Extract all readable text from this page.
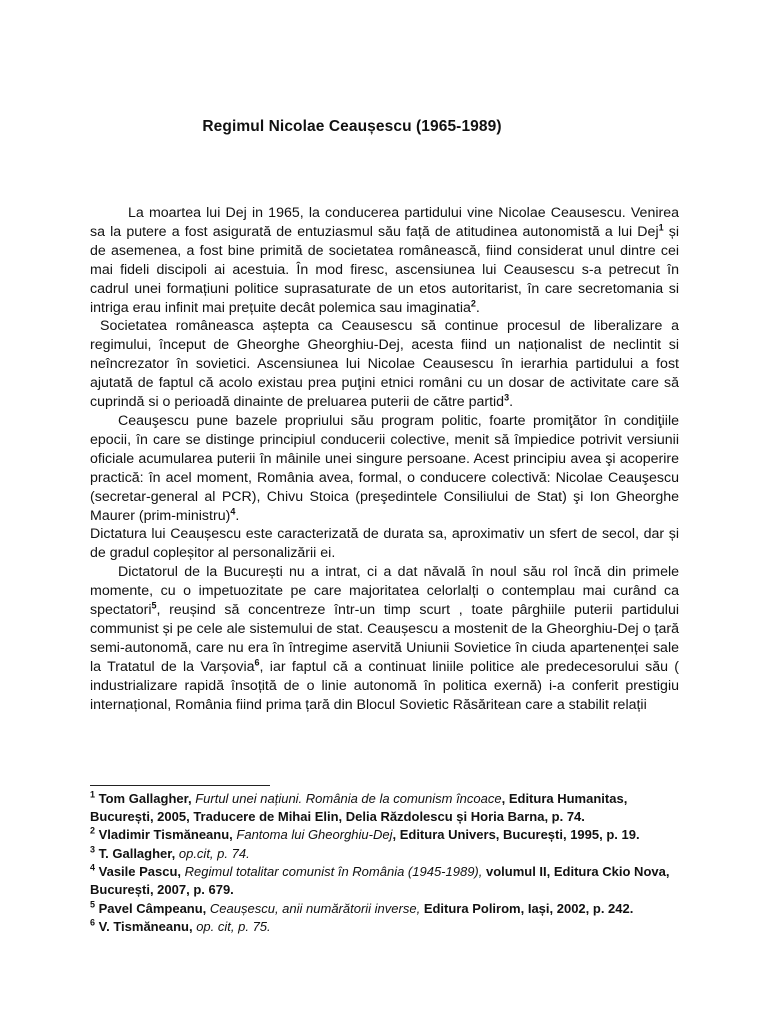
Regimul Nicolae Ceaușescu (1965-1989)

La moartea lui Dej in 1965, la conducerea partidului vine Nicolae Ceausescu. Venirea sa la putere a fost asigurată de entuziasmul său față de atitudinea autonomistă a lui Dej$^1$ și de asemenea, a fost bine primită de societatea românească, fiind considerat unul dintre cei mai fideli discipoli ai acestuia. În mod firesc, ascensiunea lui Ceausescu s-a petrecut în cadrul unei formațiuni politice suprasaturate de un etos autoritarist, în care secretomania si intriga erau infinit mai prețuite decât polemica sau imaginatia$^2$.

Societatea româneasca aștepta ca Ceausescu să continue procesul de liberalizare a regimului, început de Gheorghe Gheorghiu-Dej, acesta fiind un naționalist de neclintit si neîncrezator în sovietici. Ascensiunea lui Nicolae Ceausescu în ierarhia partidului a fost ajutată de faptul că acolo existau prea puţini etnici români cu un dosar de activitate care să cuprindă si o perioadă dinainte de preluarea puterii de către partid$^3$.

Ceauşescu pune bazele propriului său program politic, foarte promiţător în condiţiile epocii, în care se distinge principiul conducerii colective, menit să împiedice potrivit versiunii oficiale acumularea puterii în mâinile unei singure persoane. Acest principiu avea şi acoperire practică: în acel moment, România avea, formal, o conducere colectivă: Nicolae Ceauşescu (secretar-general al PCR), Chivu Stoica (preşedintele Consiliului de Stat) şi Ion Gheorghe Maurer (prim-ministru)$^4$.

Dictatura lui Ceaușescu este caracterizată de durata sa, aproximativ un sfert de secol, dar și de gradul copleșitor al personalizării ei.

Dictatorul de la București nu a intrat, ci a dat năvală în noul său rol încă din primele momente, cu o impetuozitate pe care majoritatea celorlalți o contemplau mai curând ca spectatori$^5$, reușind să concentreze într-un timp scurt , toate pârghiile puterii partidului communist și pe cele ale sistemului de stat. Ceaușescu a mostenit de la Gheorghiu-Dej o țară semi-autonomă, care nu era în întregime aservită Uniunii Sovietice în ciuda apartenenței sale la Tratatul de la Varșovia$^6$, iar faptul că a continuat liniile politice ale predecesorului său ( industrializare rapidă însoțită de o linie autonomă în politica exernă) i-a conferit prestigiu internațional, România fiind prima țară din Blocul Sovietic Răsăritean care a stabilit relații

$^1$ Tom Gallagher, Furtul unei națiuni. România de la comunism încoace, Editura Humanitas, București, 2005, Traducere de Mihai Elin, Delia Răzdolescu și Horia Barna, p. 74.
$^2$ Vladimir Tismăneanu, Fantoma lui Gheorghiu-Dej, Editura Univers, București, 1995, p. 19.
$^3$ T. Gallagher, op.cit, p. 74.
$^4$ Vasile Pascu, Regimul totalitar comunist în România (1945-1989), volumul II, Editura Ckio Nova, București, 2007, p. 679.
$^5$ Pavel Câmpeanu, Ceaușescu, anii numărătorii inverse, Editura Polirom, Iași, 2002, p. 242.
$^6$ V. Tismăneanu, op. cit, p. 75.
